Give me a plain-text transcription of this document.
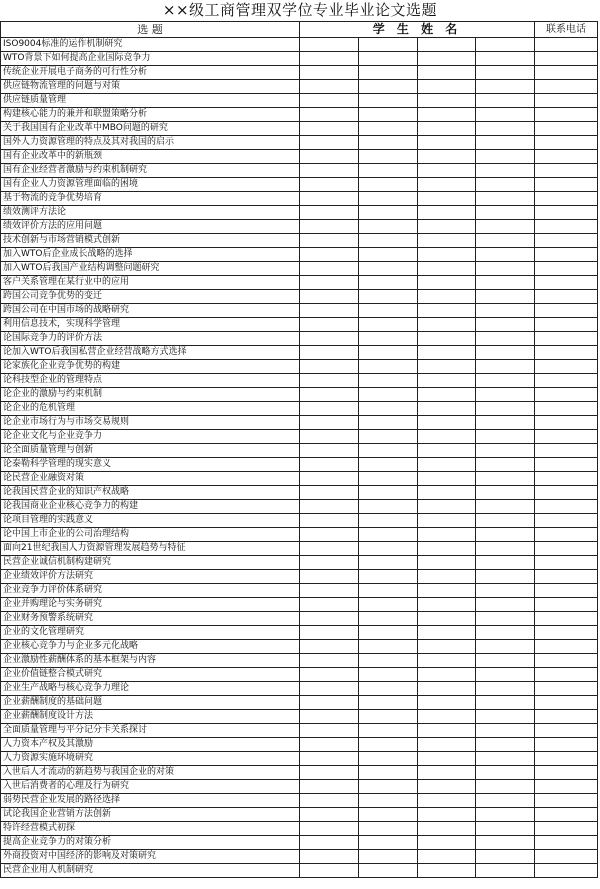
××级工商管理双学位专业毕业论文选题
选 题	学 生 姓 名				联系电话
ISO9004标准的运作机制研究					
WTO背景下如何提高企业国际竞争力					
传统企业开展电子商务的可行性分析					
供应链物流管理的问题与对策					
供应链质量管理					
构建核心能力的兼并和联盟策略分析					
关于我国国有企业改革中MBO问题的研究					
国外人力资源管理的特点及其对我国的启示					
国有企业改革中的新瓶颈					
国有企业经营者激励与约束机制研究					
国有企业人力资源管理面临的困境					
基于物流的竞争优势培育					
绩效测评方法论					
绩效评价方法的应用问题					
技术创新与市场营销模式创新					
加入WTO后企业成长战略的选择					
加入WTO后我国产业结构调整问题研究					
客户关系管理在某行业中的应用					
跨国公司竞争优势的变迁					
跨国公司在中国市场的战略研究					
利用信息技术，实现科学管理					
论国际竞争力的评价方法					
论加入WTO后我国私营企业经营战略方式选择					
论家族化企业竞争优势的构建					
论科技型企业的管理特点					
论企业的激励与约束机制					
论企业的危机管理					
论企业市场行为与市场交易规则					
论企业文化与企业竞争力					
论全面质量管理与创新					
论泰勒科学管理的现实意义					
论民营企业融资对策					
论我国民营企业的知识产权战略					
论我国商业企业核心竞争力的构建					
论项目管理的实践意义					
论中国上市企业的公司治理结构					
面向21世纪我国人力资源管理发展趋势与特征					
民营企业诚信机制构建研究					
企业绩效评价方法研究					
企业竞争力评价体系研究					
企业并购理论与实务研究					
企业财务预警系统研究					
企业的文化管理研究					
企业核心竞争力与企业多元化战略					
企业激励性薪酬体系的基本框架与内容					
企业价值链整合模式研究					
企业生产战略与核心竞争力理论					
企业薪酬制度的基础问题					
企业薪酬制度设计方法					
全面质量管理与平分记分卡关系探讨					
人力资本产权及其激励					
人力资源实施环境研究					
入世后人才流动的新趋势与我国企业的对策					
入世后消费者的心理及行为研究					
弱势民营企业发展的路径选择					
试论我国企业营销方法创新					
特许经营模式初探					
提高企业竞争力的对策分析					
外商投资对中国经济的影响及对策研究					
民营企业用人机制研究					
